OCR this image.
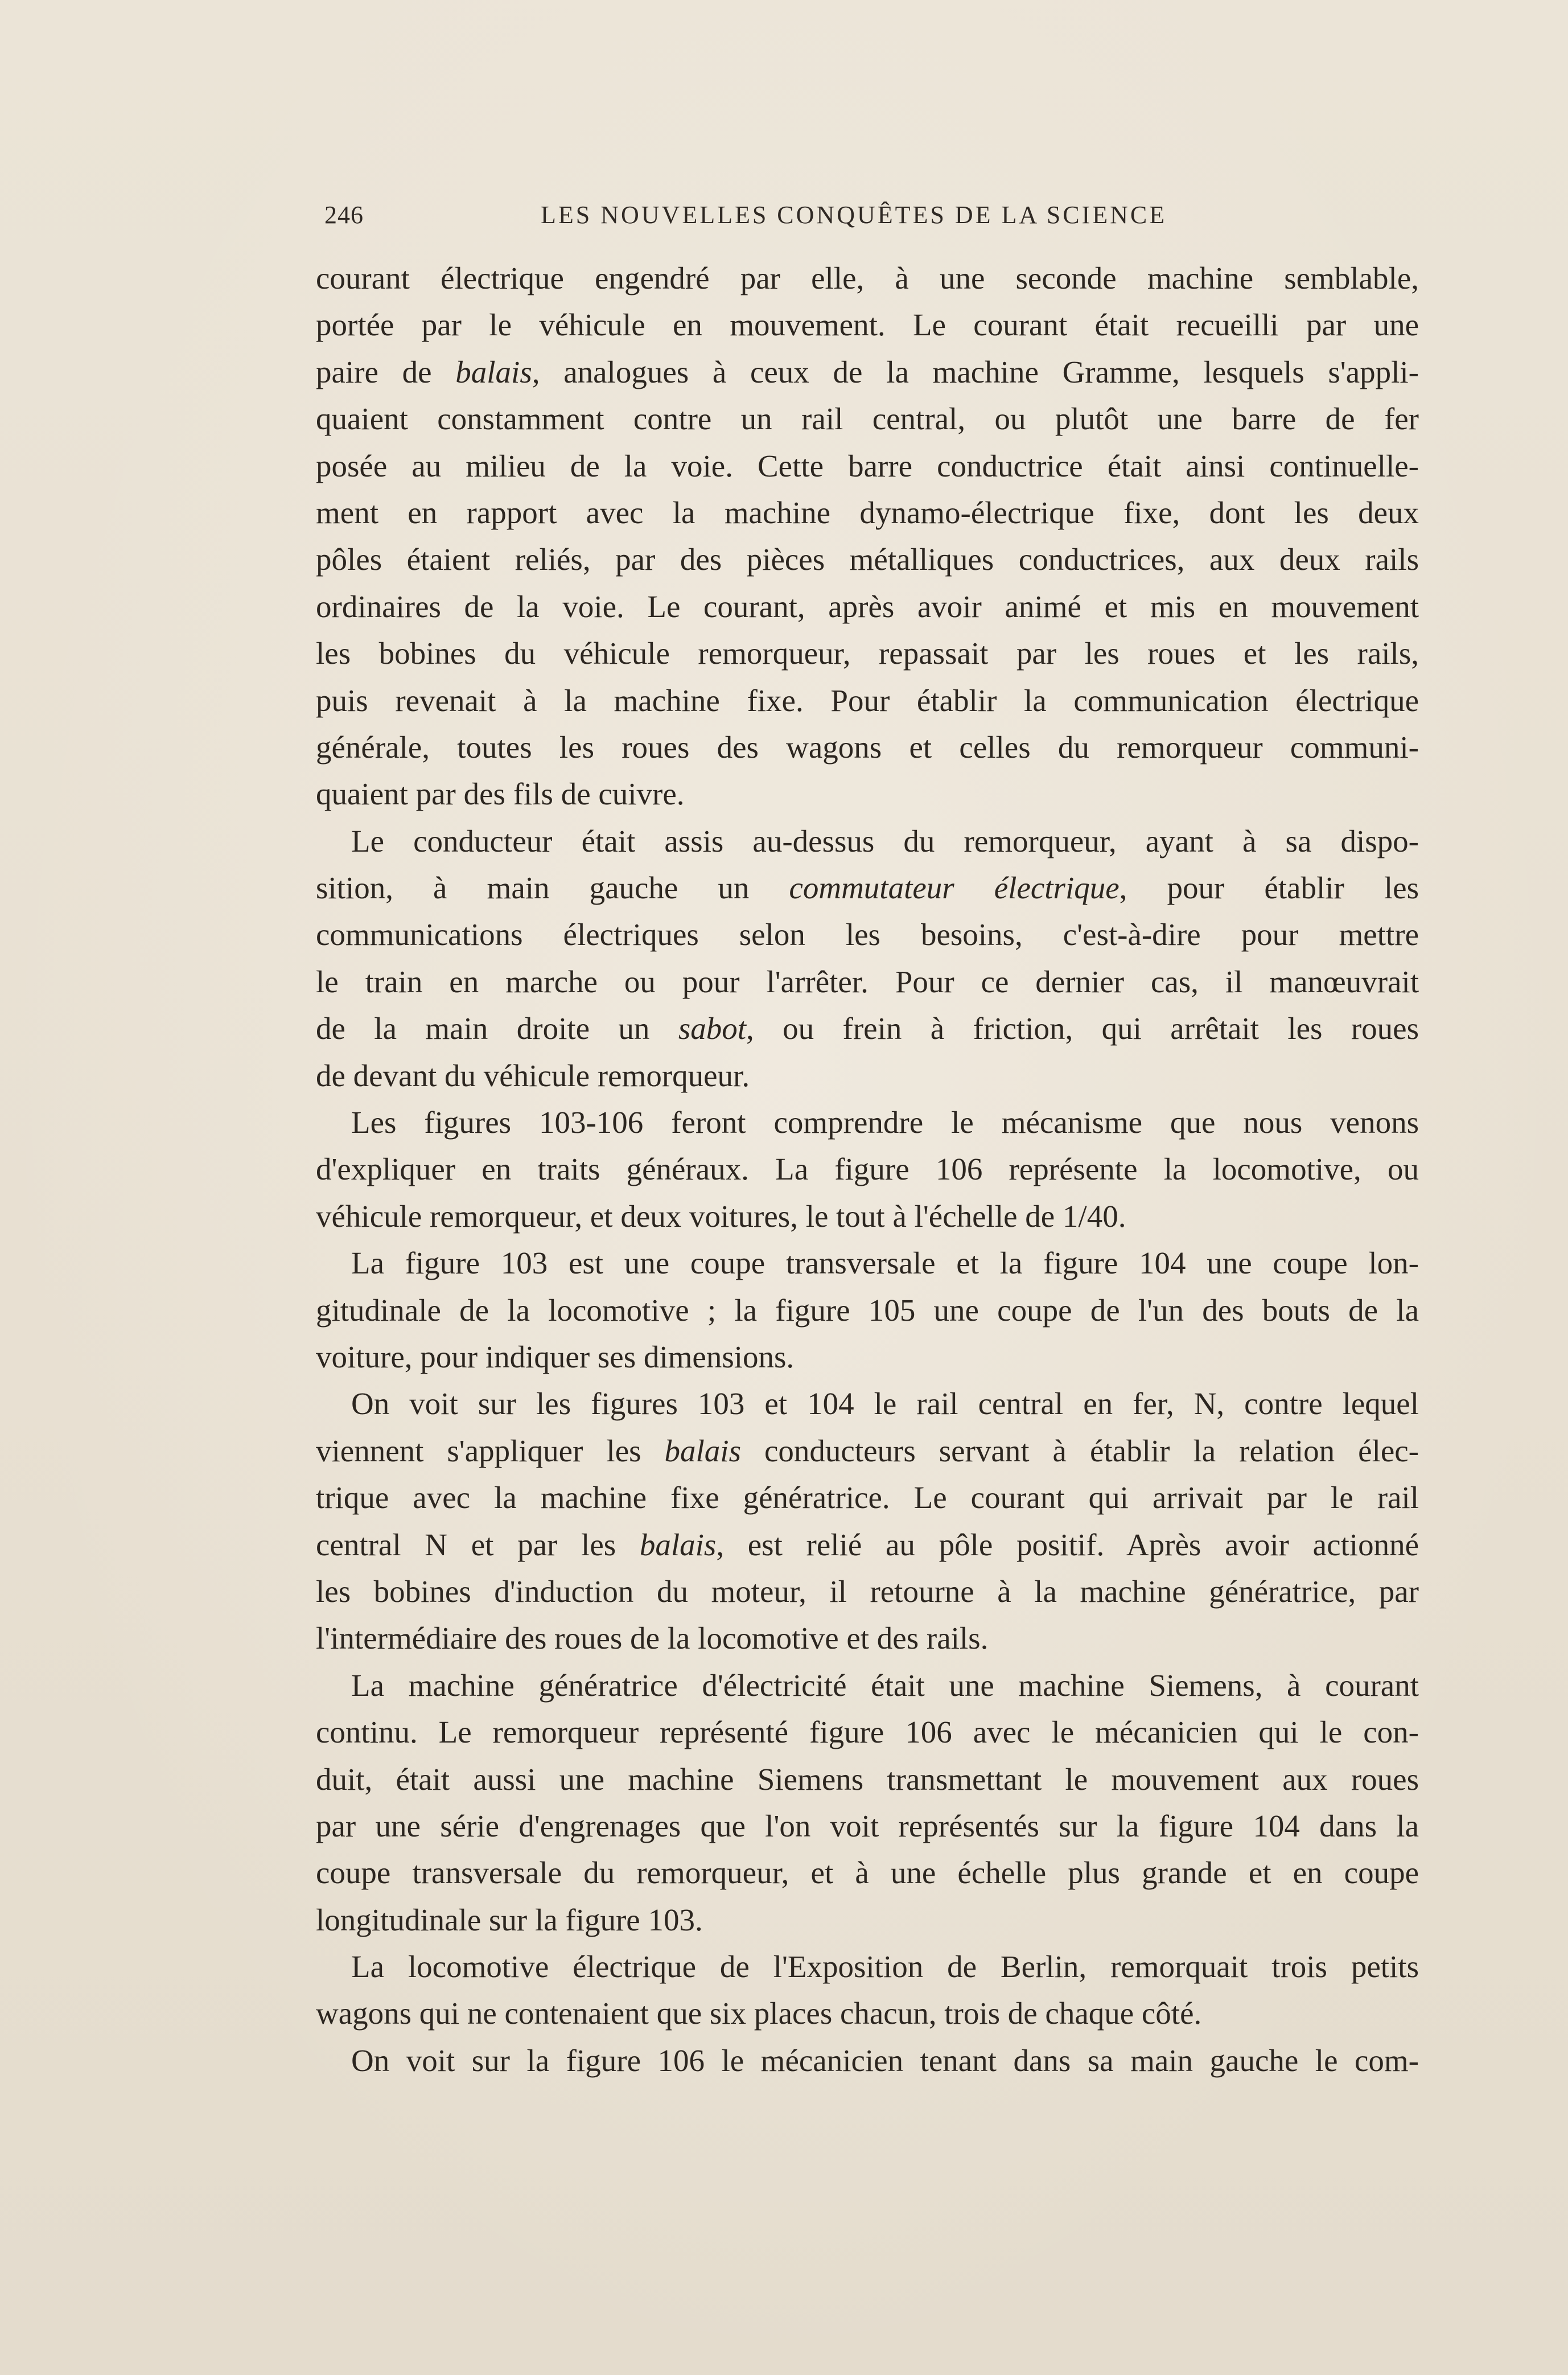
246	LES NOUVELLES CONQUÊTES DE LA SCIENCE
courant électrique engendré par elle, à une seconde machine semblable,
portée par le véhicule en mouvement. Le courant était recueilli par une
paire de balais, analogues à ceux de la machine Gramme, lesquels s'appli-
quaient constamment contre un rail central, ou plutôt une barre de fer
posée au milieu de la voie. Cette barre conductrice était ainsi continuelle-
ment en rapport avec la machine dynamo-électrique fixe, dont les deux
pôles étaient reliés, par des pièces métalliques conductrices, aux deux rails
ordinaires de la voie. Le courant, après avoir animé et mis en mouvement
les bobines du véhicule remorqueur, repassait par les roues et les rails,
puis revenait à la machine fixe. Pour établir la communication électrique
générale, toutes les roues des wagons et celles du remorqueur communi-
quaient par des fils de cuivre.
Le conducteur était assis au-dessus du remorqueur, ayant à sa dispo-
sition, à main gauche un commutateur électrique, pour établir les
communications électriques selon les besoins, c'est-à-dire pour mettre
le train en marche ou pour l'arrêter. Pour ce dernier cas, il manœuvrait
de la main droite un sabot, ou frein à friction, qui arrêtait les roues
de devant du véhicule remorqueur.
Les figures 103-106 feront comprendre le mécanisme que nous venons
d'expliquer en traits généraux. La figure 106 représente la locomotive, ou
véhicule remorqueur, et deux voitures, le tout à l'échelle de 1/40.
La figure 103 est une coupe transversale et la figure 104 une coupe lon-
gitudinale de la locomotive ; la figure 105 une coupe de l'un des bouts de la
voiture, pour indiquer ses dimensions.
On voit sur les figures 103 et 104 le rail central en fer, N, contre lequel
viennent s'appliquer les balais conducteurs servant à établir la relation élec-
trique avec la machine fixe génératrice. Le courant qui arrivait par le rail
central N et par les balais, est relié au pôle positif. Après avoir actionné
les bobines d'induction du moteur, il retourne à la machine génératrice, par
l'intermédiaire des roues de la locomotive et des rails.
La machine génératrice d'électricité était une machine Siemens, à courant
continu. Le remorqueur représenté figure 106 avec le mécanicien qui le con-
duit, était aussi une machine Siemens transmettant le mouvement aux roues
par une série d'engrenages que l'on voit représentés sur la figure 104 dans la
coupe transversale du remorqueur, et à une échelle plus grande et en coupe
longitudinale sur la figure 103.
La locomotive électrique de l'Exposition de Berlin, remorquait trois petits
wagons qui ne contenaient que six places chacun, trois de chaque côté.
On voit sur la figure 106 le mécanicien tenant dans sa main gauche le com-
